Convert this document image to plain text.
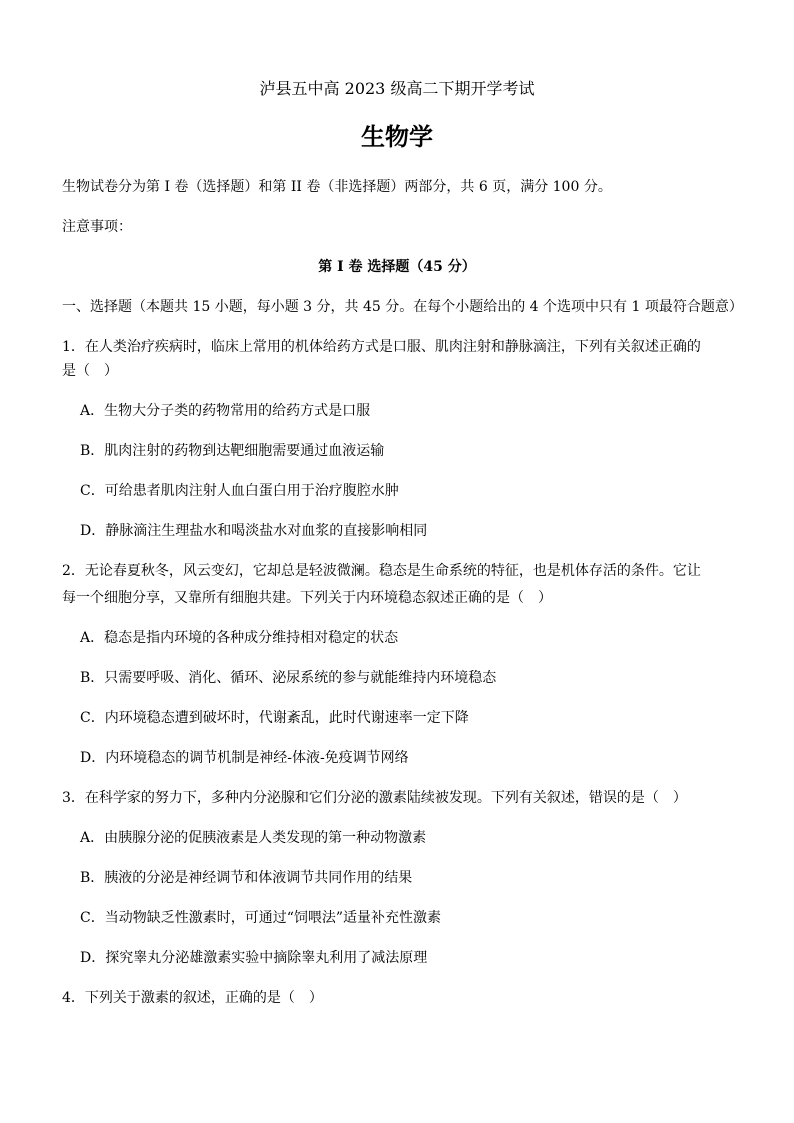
泸县五中高 2023 级高二下期开学考试
生物学
生物试卷分为第 I 卷（选择题）和第 II 卷（非选择题）两部分，共 6 页，满分 100 分。
注意事项：
第 I 卷 选择题（45 分）
一、选择题（本题共 15 小题，每小题 3 分，共 45 分。在每个小题给出的 4 个选项中只有 1 项最符合题意）
1．在人类治疗疾病时，临床上常用的机体给药方式是口服、肌肉注射和静脉滴注，下列有关叙述正确的
是（　）
A．生物大分子类的药物常用的给药方式是口服
B．肌肉注射的药物到达靶细胞需要通过血液运输
C．可给患者肌肉注射人血白蛋白用于治疗腹腔水肿
D．静脉滴注生理盐水和喝淡盐水对血浆的直接影响相同
2．无论春夏秋冬，风云变幻，它却总是轻波微澜。稳态是生命系统的特征，也是机体存活的条件。它让
每一个细胞分享，又靠所有细胞共建。下列关于内环境稳态叙述正确的是（　）
A．稳态是指内环境的各种成分维持相对稳定的状态
B．只需要呼吸、消化、循环、泌尿系统的参与就能维持内环境稳态
C．内环境稳态遭到破坏时，代谢紊乱，此时代谢速率一定下降
D．内环境稳态的调节机制是神经-体液-免疫调节网络
3．在科学家的努力下，多种内分泌腺和它们分泌的激素陆续被发现。下列有关叙述，错误的是（　）
A．由胰腺分泌的促胰液素是人类发现的第一种动物激素
B．胰液的分泌是神经调节和体液调节共同作用的结果
C．当动物缺乏性激素时，可通过“饲喂法”适量补充性激素
D．探究睾丸分泌雄激素实验中摘除睾丸利用了减法原理
4．下列关于激素的叙述，正确的是（　）
